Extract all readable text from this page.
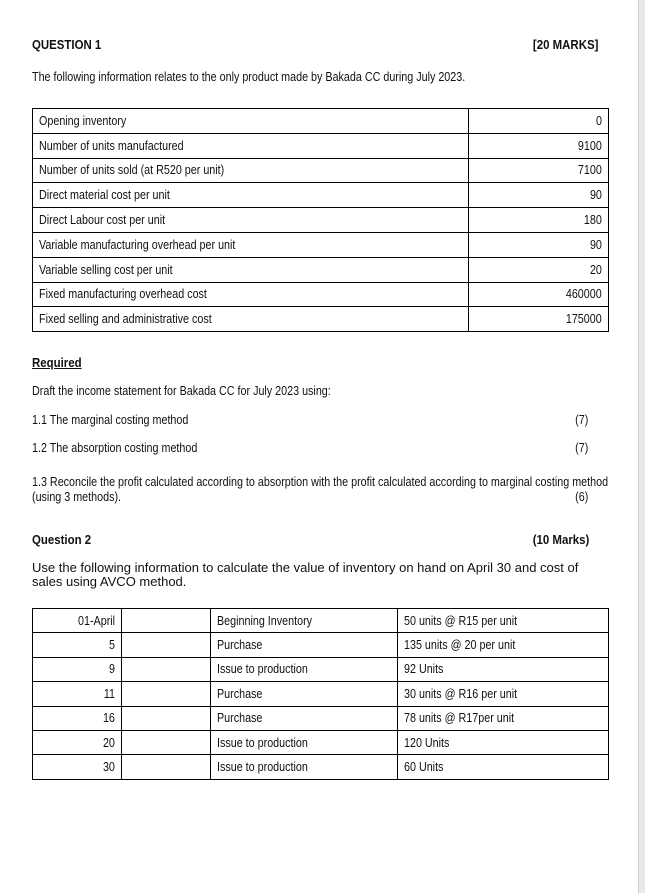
QUESTION 1	[20 MARKS]
The following information relates to the only product made by Bakada CC during July 2023.
Opening inventory	0
Number of units manufactured	9100
Number of units sold (at R520 per unit)	7100
Direct material cost per unit	90
Direct Labour cost per unit	180
Variable manufacturing overhead per unit	90
Variable selling cost per unit	20
Fixed manufacturing overhead cost	460000
Fixed selling and administrative cost	175000
Required
Draft the income statement for Bakada CC for July 2023 using:
1.1 The marginal costing method	(7)
1.2 The absorption costing method	(7)
1.3 Reconcile the profit calculated according to absorption with the profit calculated according to marginal costing method
(using 3 methods).	(6)
Question 2	(10 Marks)
Use the following information to calculate the value of inventory on hand on April 30 and cost of sales using AVCO method.
01-April		Beginning Inventory	50 units @ R15 per unit
5		Purchase	135 units @ 20 per unit
9		Issue to production	92 Units
11		Purchase	30 units @ R16 per unit
16		Purchase	78 units @ R17per unit
20		Issue to production	120 Units
30		Issue to production	60 Units
